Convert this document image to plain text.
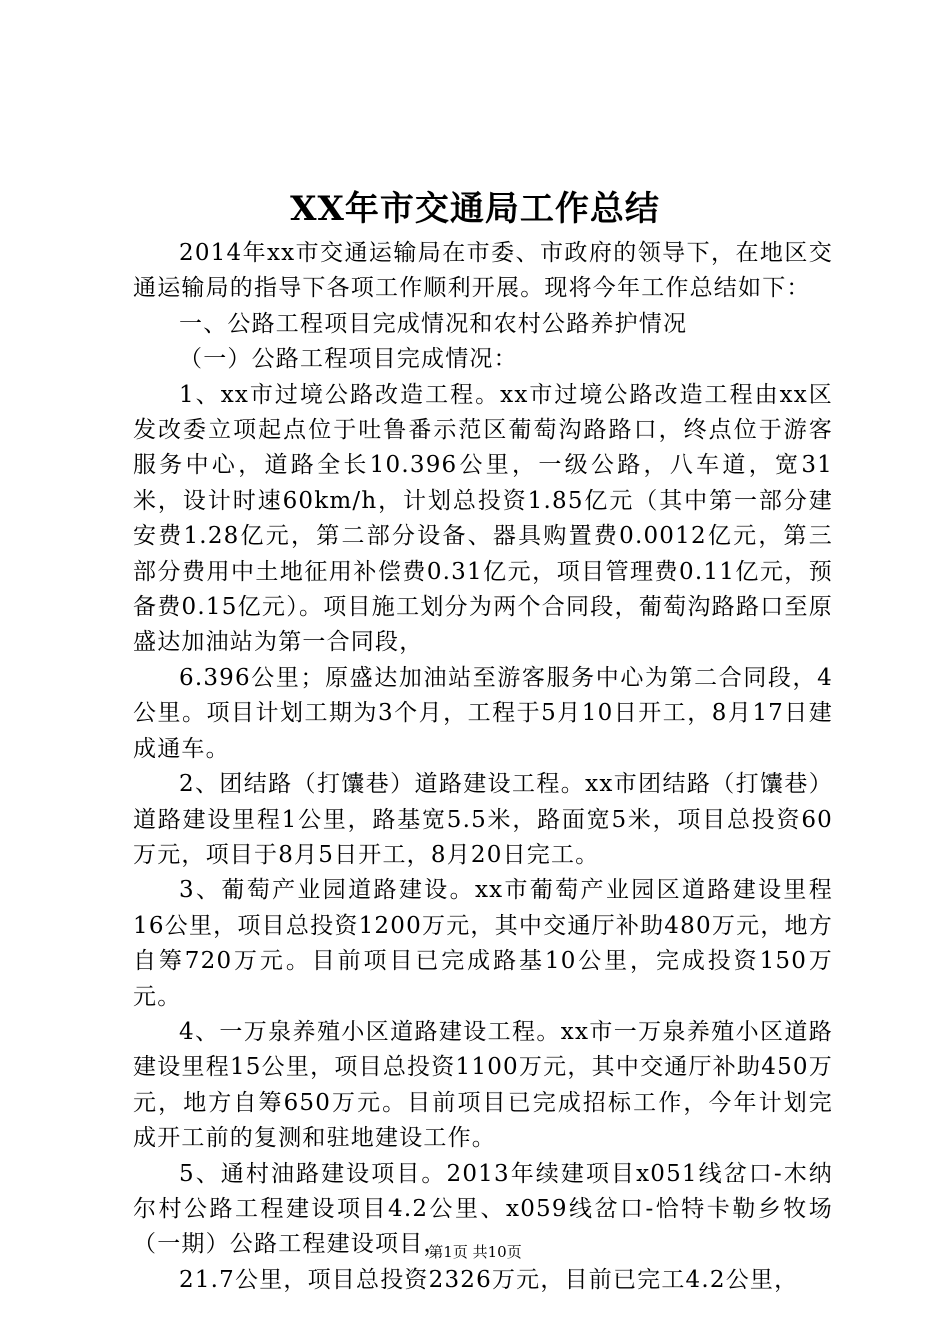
XX年市交通局工作总结

2014年xx市交通运输局在市委、市政府的领导下，在地区交通运输局的指导下各项工作顺利开展。现将今年工作总结如下：

一、公路工程项目完成情况和农村公路养护情况

（一）公路工程项目完成情况：

1、xx市过境公路改造工程。xx市过境公路改造工程由xx区发改委立项起点位于吐鲁番示范区葡萄沟路路口，终点位于游客服务中心，道路全长10.396公里，一级公路，八车道，宽31米，设计时速60km/h，计划总投资1.85亿元（其中第一部分建安费1.28亿元，第二部分设备、器具购置费0.0012亿元，第三部分费用中土地征用补偿费0.31亿元，项目管理费0.11亿元，预备费0.15亿元）。项目施工划分为两个合同段，葡萄沟路路口至原盛达加油站为第一合同段，

6.396公里；原盛达加油站至游客服务中心为第二合同段，4公里。项目计划工期为3个月，工程于5月10日开工，8月17日建成通车。

2、团结路（打馕巷）道路建设工程。xx市团结路（打馕巷）道路建设里程1公里，路基宽5.5米，路面宽5米，项目总投资60万元，项目于8月5日开工，8月20日完工。

3、葡萄产业园道路建设。xx市葡萄产业园区道路建设里程16公里，项目总投资1200万元，其中交通厅补助480万元，地方自筹720万元。目前项目已完成路基10公里，完成投资150万元。

4、一万泉养殖小区道路建设工程。xx市一万泉养殖小区道路建设里程15公里，项目总投资1100万元，其中交通厅补助450万元，地方自筹650万元。目前项目已完成招标工作，今年计划完成开工前的复测和驻地建设工作。

5、通村油路建设项目。2013年续建项目x051线岔口-木纳尔村公路工程建设项目4.2公里、x059线岔口-恰特卡勒乡牧场（一期）公路工程建设项目，

21.7公里，项目总投资2326万元，目前已完工4.2公里，

第1页 共10页
